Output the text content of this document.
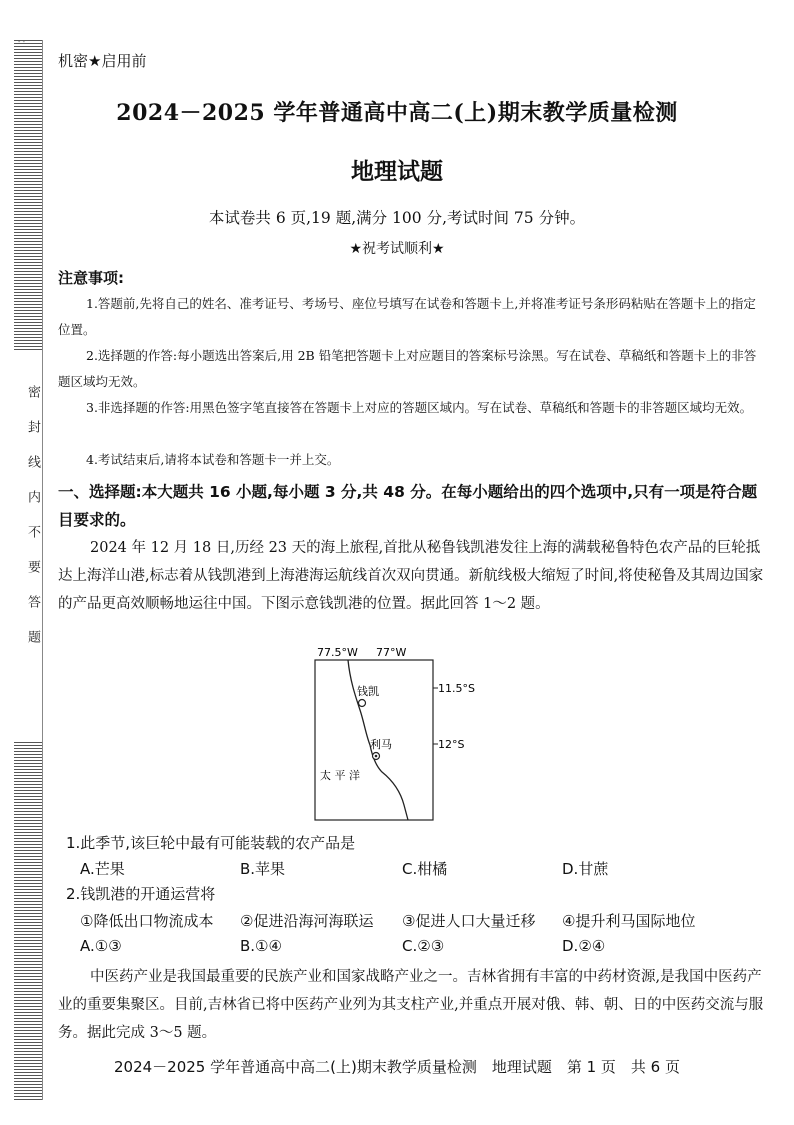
- -
密封线内不要答题
机密★启用前
2024－2025 学年普通高中高二(上)期末教学质量检测
地理试题
本试卷共 6 页,19 题,满分 100 分,考试时间 75 分钟。
★祝考试顺利★
注意事项:
1.答题前,先将自己的姓名、准考证号、考场号、座位号填写在试卷和答题卡上,并将准考证号条形码粘贴在答题卡上的指定位置。
2.选择题的作答:每小题选出答案后,用 2B 铅笔把答题卡上对应题目的答案标号涂黑。写在试卷、草稿纸和答题卡上的非答题区域均无效。
3.非选择题的作答:用黑色签字笔直接答在答题卡上对应的答题区域内。写在试卷、草稿纸和答题卡的非答题区域均无效。
4.考试结束后,请将本试卷和答题卡一并上交。
一、选择题:本大题共 16 小题,每小题 3 分,共 48 分。在每小题给出的四个选项中,只有一项是符合题目要求的。
2024 年 12 月 18 日,历经 23 天的海上旅程,首批从秘鲁钱凯港发往上海的满载秘鲁特色农产品的巨轮抵达上海洋山港,标志着从钱凯港到上海港海运航线首次双向贯通。新航线极大缩短了时间,将使秘鲁及其周边国家的产品更高效顺畅地运往中国。下图示意钱凯港的位置。据此回答 1～2 题。
77.5°W 77°W
11.5°S
12°S
钱凯
利马
太 平 洋
1.此季节,该巨轮中最有可能装载的农产品是
A.芒果	B.苹果	C.柑橘	D.甘蔗
2.钱凯港的开通运营将
①降低出口物流成本 ②促进沿海河海联运 ③促进人口大量迁移 ④提升利马国际地位
A.①③	B.①④	C.②③	D.②④
中医药产业是我国最重要的民族产业和国家战略产业之一。吉林省拥有丰富的中药材资源,是我国中医药产业的重要集聚区。目前,吉林省已将中医药产业列为其支柱产业,并重点开展对俄、韩、朝、日的中医药交流与服务。据此完成 3～5 题。
2024－2025 学年普通高中高二(上)期末教学质量检测　地理试题　第 1 页　共 6 页
